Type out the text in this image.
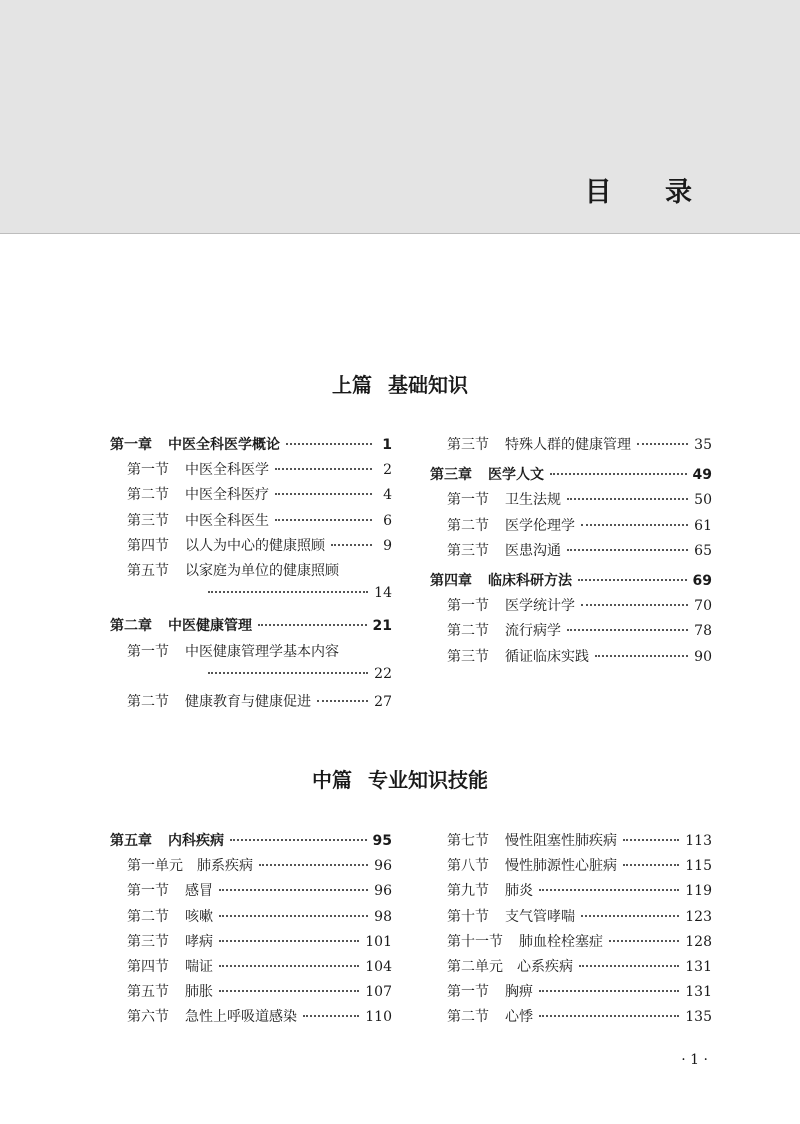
目 录
上篇 基础知识
第一章 中医全科医学概论	1
第一节 中医全科医学	2
第二节 中医全科医疗	4
第三节 中医全科医生	6
第四节 以人为中心的健康照顾	9
第五节 以家庭为单位的健康照顾
14
第二章 中医健康管理	21
第一节 中医健康管理学基本内容
22
第二节 健康教育与健康促进	27
第三节 特殊人群的健康管理	35
第三章 医学人文	49
第一节 卫生法规	50
第二节 医学伦理学	61
第三节 医患沟通	65
第四章 临床科研方法	69
第一节 医学统计学	70
第二节 流行病学	78
第三节 循证临床实践	90
中篇 专业知识技能
第五章 内科疾病	95
第一单元 肺系疾病	96
第一节 感冒	96
第二节 咳嗽	98
第三节 哮病	101
第四节 喘证	104
第五节 肺胀	107
第六节 急性上呼吸道感染	110
第七节 慢性阻塞性肺疾病	113
第八节 慢性肺源性心脏病	115
第九节 肺炎	119
第十节 支气管哮喘	123
第十一节 肺血栓栓塞症	128
第二单元 心系疾病	131
第一节 胸痹	131
第二节 心悸	135
· 1 ·
